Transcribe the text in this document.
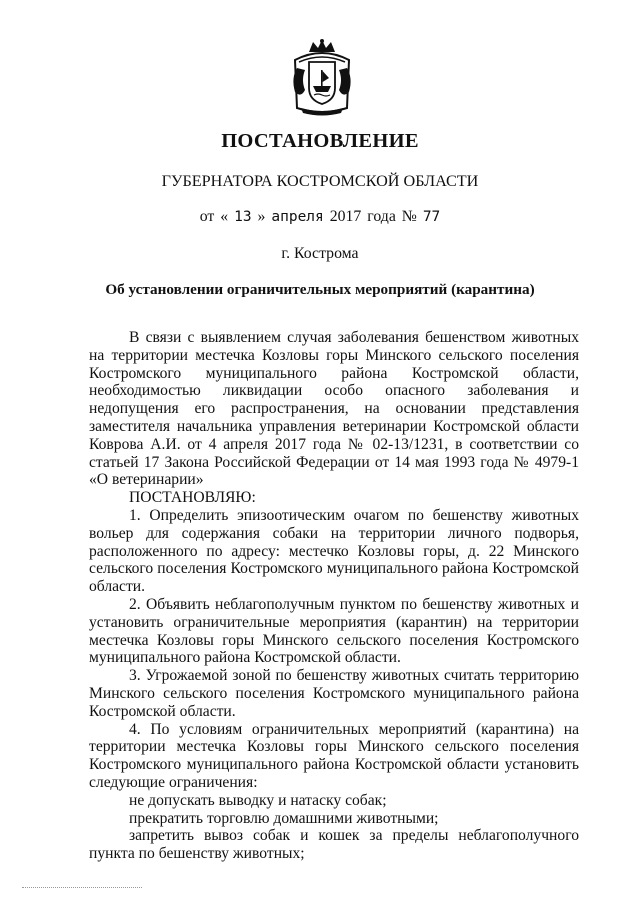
ПОСТАНОВЛЕНИЕ
ГУБЕРНАТОРА КОСТРОМСКОЙ ОБЛАСТИ
от « 13 » апреля 2017 года № 77
г. Кострома
Об установлении ограничительных мероприятий (карантина)

В связи с выявлением случая заболевания бешенством животных на территории местечка Козловы горы Минского сельского поселения Костромского муниципального района Костромской области, необходимостью ликвидации особо опасного заболевания и недопущения его распространения, на основании представления заместителя начальника управления ветеринарии Костромской области Коврова А.И. от 4 апреля 2017 года № 02-13/1231, в соответствии со статьей 17 Закона Российской Федерации от 14 мая 1993 года № 4979-1 «О ветеринарии»

ПОСТАНОВЛЯЮ:

1. Определить эпизоотическим очагом по бешенству животных вольер для содержания собаки на территории личного подворья, расположенного по адресу: местечко Козловы горы, д. 22 Минского сельского поселения Костромского муниципального района Костромской области.

2. Объявить неблагополучным пунктом по бешенству животных и установить ограничительные мероприятия (карантин) на территории местечка Козловы горы Минского сельского поселения Костромского муниципального района Костромской области.

3. Угрожаемой зоной по бешенству животных считать территорию Минского сельского поселения Костромского муниципального района Костромской области.

4. По условиям ограничительных мероприятий (карантина) на территории местечка Козловы горы Минского сельского поселения Костромского муниципального района Костромской области установить следующие ограничения:

не допускать выводку и натаску собак;

прекратить торговлю домашними животными;

запретить вывоз собак и кошек за пределы неблагополучного пункта по бешенству животных;
